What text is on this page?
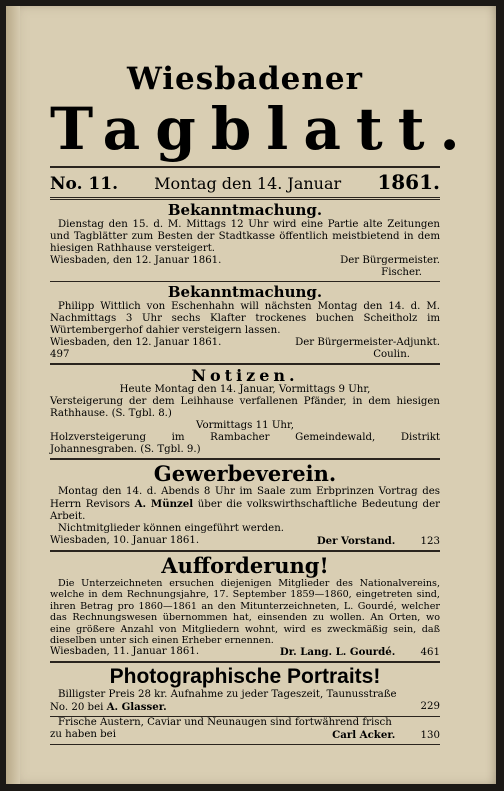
Wiesbadener
Tagblatt.
No. 11. Montag den 14. Januar 1861.
Bekanntmachung.
Dienstag den 15. d. M. Mittags 12 Uhr wird eine Partie alte Zeitungen und Tagblätter zum Besten der Stadtkasse öffentlich meistbietend in dem hiesigen Rathhause versteigert.
Wiesbaden, den 12. Januar 1861.	Der Bürgermeister.
Fischer.
Bekanntmachung.
Philipp Wittlich von Eschenhahn will nächsten Montag den 14. d. M. Nachmittags 3 Uhr sechs Klafter trockenes buchen Scheitholz im Würtembergerhof dahier versteigern lassen.
Wiesbaden, den 12. Januar 1861.	Der Bürgermeister-Adjunkt.
497	Coulin.
Notizen.
Heute Montag den 14. Januar, Vormittags 9 Uhr,
Versteigerung der dem Leihhause verfallenen Pfänder, in dem hiesigen Rathhause. (S. Tgbl. 8.)
Vormittags 11 Uhr,
Holzversteigerung im Rambacher Gemeindewald, Distrikt Johannesgraben. (S. Tgbl. 9.)
Gewerbeverein.
Montag den 14. d. Abends 8 Uhr im Saale zum Erbprinzen Vortrag des Herrn Revisors A. Münzel über die volkswirthschaftliche Bedeutung der Arbeit.
Nichtmitglieder können eingeführt werden.
Wiesbaden, 10. Januar 1861.	Der Vorstand. 123
Aufforderung!
Die Unterzeichneten ersuchen diejenigen Mitglieder des Nationalvereins, welche in dem Rechnungsjahre, 17. September 1859—1860, eingetreten sind, ihren Betrag pro 1860—1861 an den Mitunterzeichneten, L. Gourdé, welcher das Rechnungswesen übernommen hat, einsenden zu wollen. An Orten, wo eine größere Anzahl von Mitgliedern wohnt, wird es zweckmäßig sein, daß dieselben unter sich einen Erheber ernennen.
Wiesbaden, 11. Januar 1861.	Dr. Lang. L. Gourdé. 461
Photographische Portraits!
Billigster Preis 28 kr. Aufnahme zu jeder Tageszeit, Taunusstraße
No. 20 bei A. Glasser.	229
Frische Austern, Caviar und Neunaugen sind fortwährend frisch
zu haben bei	Carl Acker. 130
